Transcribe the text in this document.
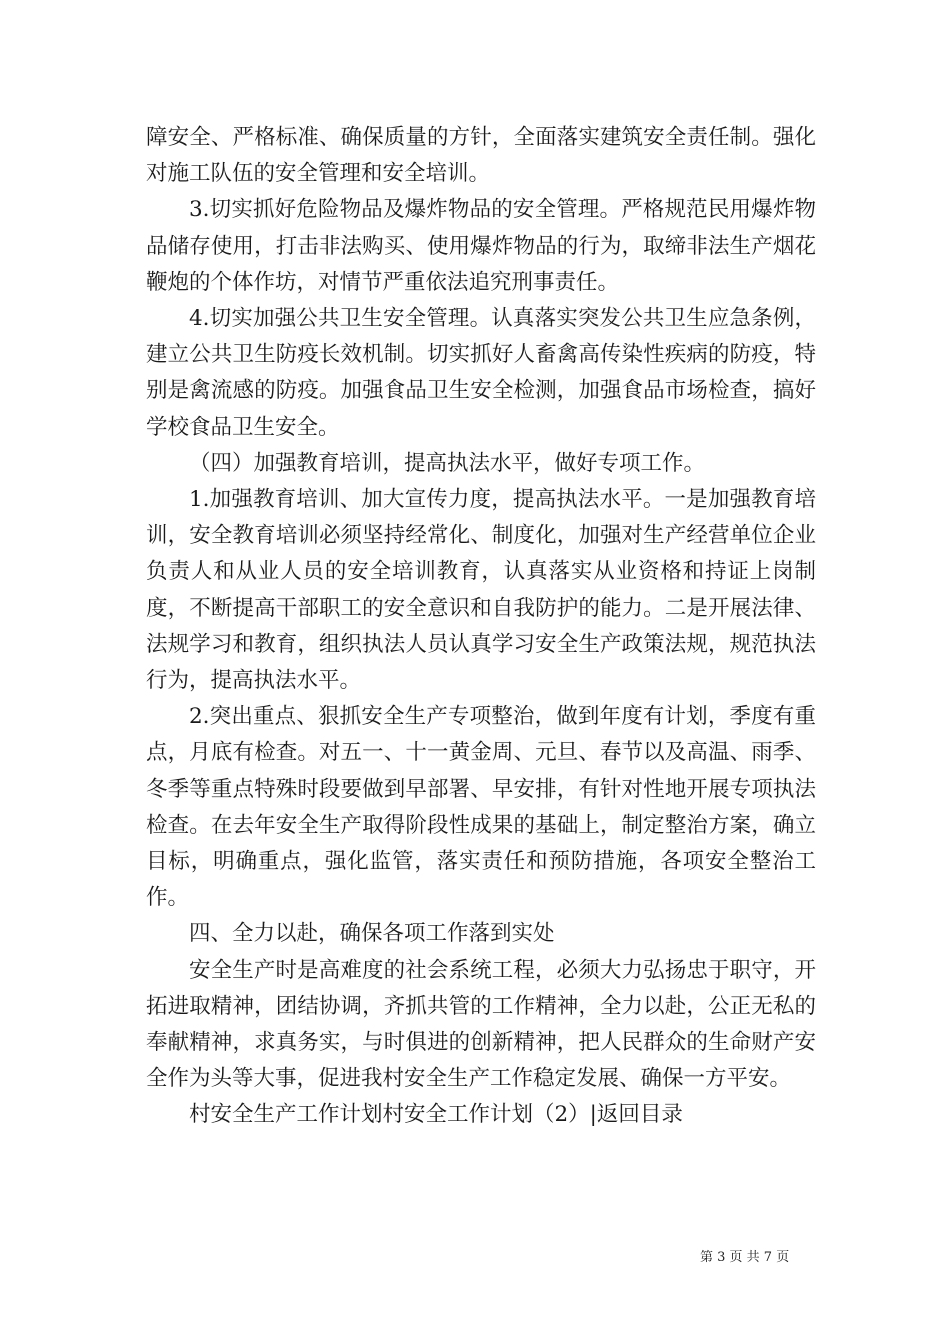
障安全、严格标准、确保质量的方针，全面落实建筑安全责任制。强化对施工队伍的安全管理和安全培训。

3.切实抓好危险物品及爆炸物品的安全管理。严格规范民用爆炸物品储存使用，打击非法购买、使用爆炸物品的行为，取缔非法生产烟花鞭炮的个体作坊，对情节严重依法追究刑事责任。

4.切实加强公共卫生安全管理。认真落实突发公共卫生应急条例，建立公共卫生防疫长效机制。切实抓好人畜禽高传染性疾病的防疫，特别是禽流感的防疫。加强食品卫生安全检测，加强食品市场检查，搞好学校食品卫生安全。

（四）加强教育培训，提高执法水平，做好专项工作。

1.加强教育培训、加大宣传力度，提高执法水平。一是加强教育培训，安全教育培训必须坚持经常化、制度化，加强对生产经营单位企业负责人和从业人员的安全培训教育，认真落实从业资格和持证上岗制度，不断提高干部职工的安全意识和自我防护的能力。二是开展法律、法规学习和教育，组织执法人员认真学习安全生产政策法规，规范执法行为，提高执法水平。

2.突出重点、狠抓安全生产专项整治，做到年度有计划，季度有重点，月底有检查。对五一、十一黄金周、元旦、春节以及高温、雨季、冬季等重点特殊时段要做到早部署、早安排，有针对性地开展专项执法检查。在去年安全生产取得阶段性成果的基础上，制定整治方案，确立目标，明确重点，强化监管，落实责任和预防措施，各项安全整治工作。

四、全力以赴，确保各项工作落到实处

安全生产时是高难度的社会系统工程，必须大力弘扬忠于职守，开拓进取精神，团结协调，齐抓共管的工作精神，全力以赴，公正无私的奉献精神，求真务实，与时俱进的创新精神，把人民群众的生命财产安全作为头等大事，促进我村安全生产工作稳定发展、确保一方平安。

村安全生产工作计划村安全工作计划（2）|返回目录

第 3 页 共 7 页
